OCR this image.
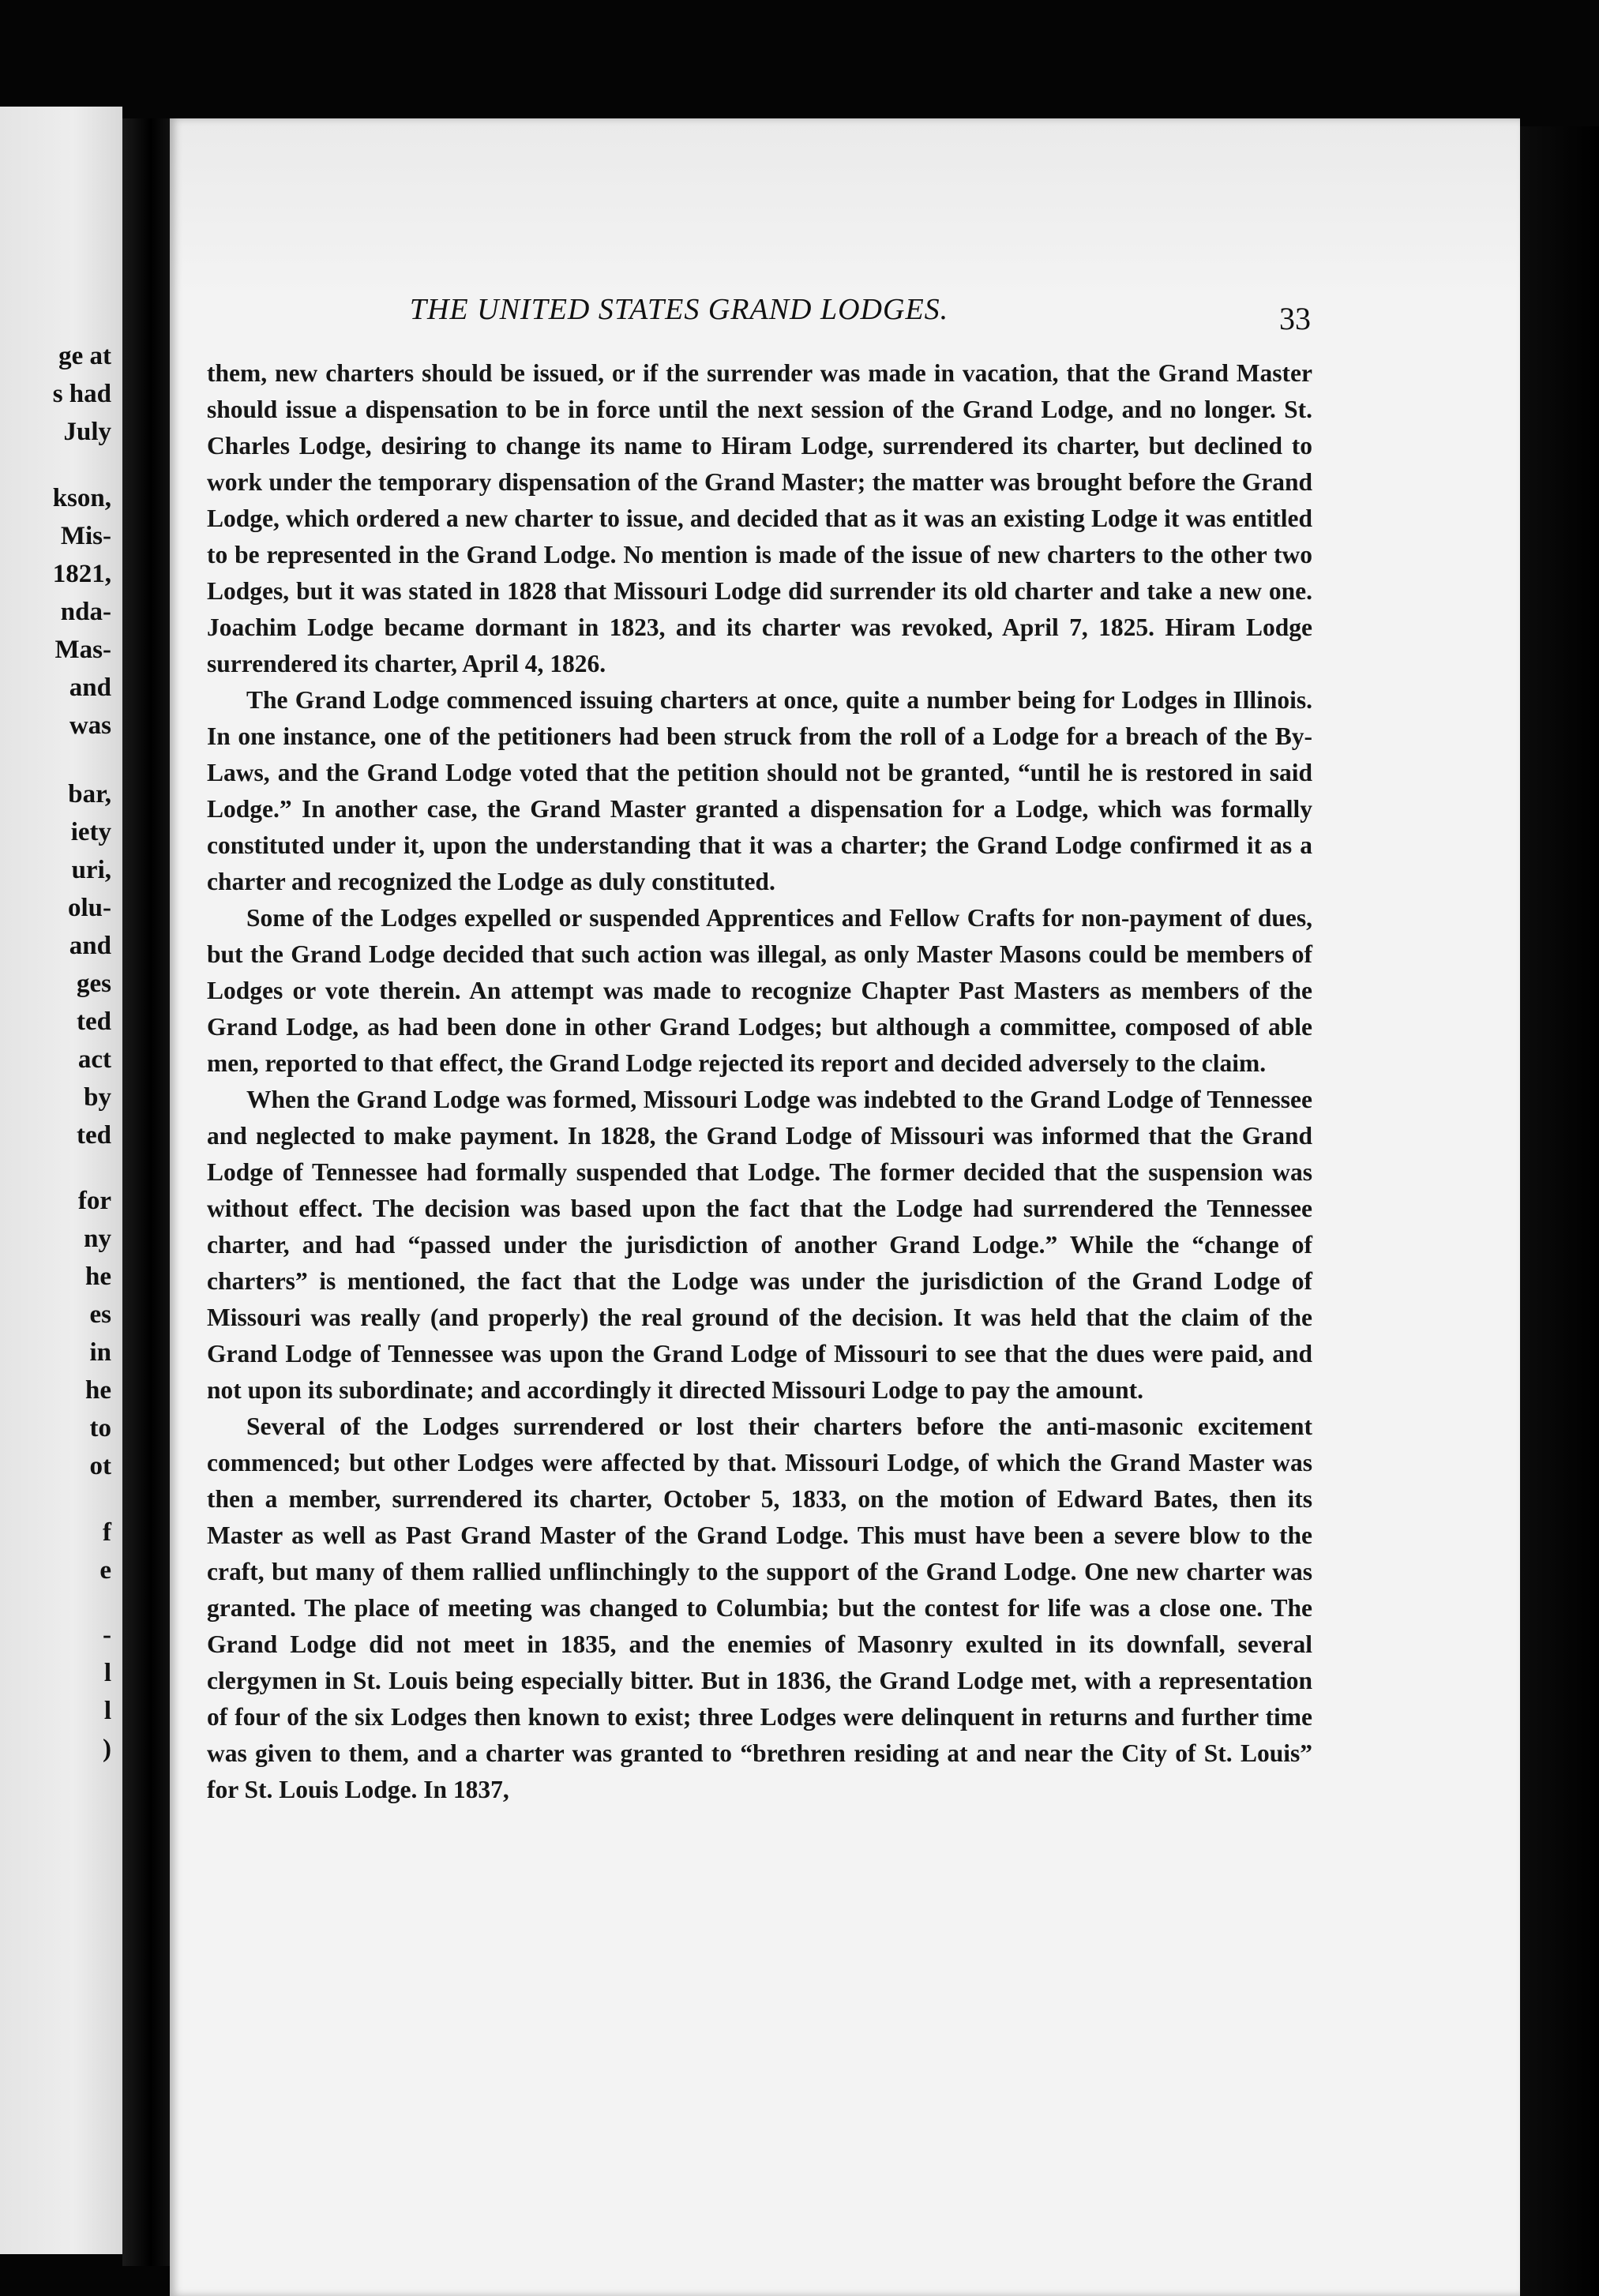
ge at
s had
July
kson,
Mis-
1821,
nda-
Mas-
and
was
bar,
iety
uri,
olu-
and
ges
ted
act
by
ted
for
ny
he
es
in
he
to
ot
f
e
-
l
l
)
THE UNITED STATES GRAND LODGES.	33

them, new charters should be issued, or if the surrender was made in vacation, that the Grand Master should issue a dispensation to be in force until the next session of the Grand Lodge, and no longer. St. Charles Lodge, desiring to change its name to Hiram Lodge, surrendered its charter, but declined to work under the temporary dispensation of the Grand Master; the matter was brought before the Grand Lodge, which ordered a new charter to issue, and decided that as it was an existing Lodge it was entitled to be represented in the Grand Lodge. No mention is made of the issue of new charters to the other two Lodges, but it was stated in 1828 that Missouri Lodge did surrender its old charter and take a new one. Joachim Lodge became dormant in 1823, and its charter was revoked, April 7, 1825. Hiram Lodge surrendered its charter, April 4, 1826.

The Grand Lodge commenced issuing charters at once, quite a number being for Lodges in Illinois. In one instance, one of the petitioners had been struck from the roll of a Lodge for a breach of the By-Laws, and the Grand Lodge voted that the petition should not be granted, “until he is restored in said Lodge.” In another case, the Grand Master granted a dispensation for a Lodge, which was formally constituted under it, upon the understanding that it was a charter; the Grand Lodge confirmed it as a charter and recognized the Lodge as duly constituted.

Some of the Lodges expelled or suspended Apprentices and Fellow Crafts for non-payment of dues, but the Grand Lodge decided that such action was illegal, as only Master Masons could be members of Lodges or vote therein. An attempt was made to recognize Chapter Past Masters as members of the Grand Lodge, as had been done in other Grand Lodges; but although a committee, composed of able men, reported to that effect, the Grand Lodge rejected its report and decided adversely to the claim.

When the Grand Lodge was formed, Missouri Lodge was indebted to the Grand Lodge of Tennessee and neglected to make payment. In 1828, the Grand Lodge of Missouri was informed that the Grand Lodge of Tennessee had formally suspended that Lodge. The former decided that the suspension was without effect. The decision was based upon the fact that the Lodge had surrendered the Tennessee charter, and had “passed under the jurisdiction of another Grand Lodge.” While the “change of charters” is mentioned, the fact that the Lodge was under the jurisdiction of the Grand Lodge of Missouri was really (and properly) the real ground of the decision. It was held that the claim of the Grand Lodge of Tennessee was upon the Grand Lodge of Missouri to see that the dues were paid, and not upon its subordinate; and accordingly it directed Missouri Lodge to pay the amount.

Several of the Lodges surrendered or lost their charters before the anti-masonic excitement commenced; but other Lodges were affected by that. Missouri Lodge, of which the Grand Master was then a member, surrendered its charter, October 5, 1833, on the motion of Edward Bates, then its Master as well as Past Grand Master of the Grand Lodge. This must have been a severe blow to the craft, but many of them rallied unflinchingly to the support of the Grand Lodge. One new charter was granted. The place of meeting was changed to Columbia; but the contest for life was a close one. The Grand Lodge did not meet in 1835, and the enemies of Masonry exulted in its downfall, several clergymen in St. Louis being especially bitter. But in 1836, the Grand Lodge met, with a representation of four of the six Lodges then known to exist; three Lodges were delinquent in returns and further time was given to them, and a charter was granted to “brethren residing at and near the City of St. Louis” for St. Louis Lodge. In 1837,
